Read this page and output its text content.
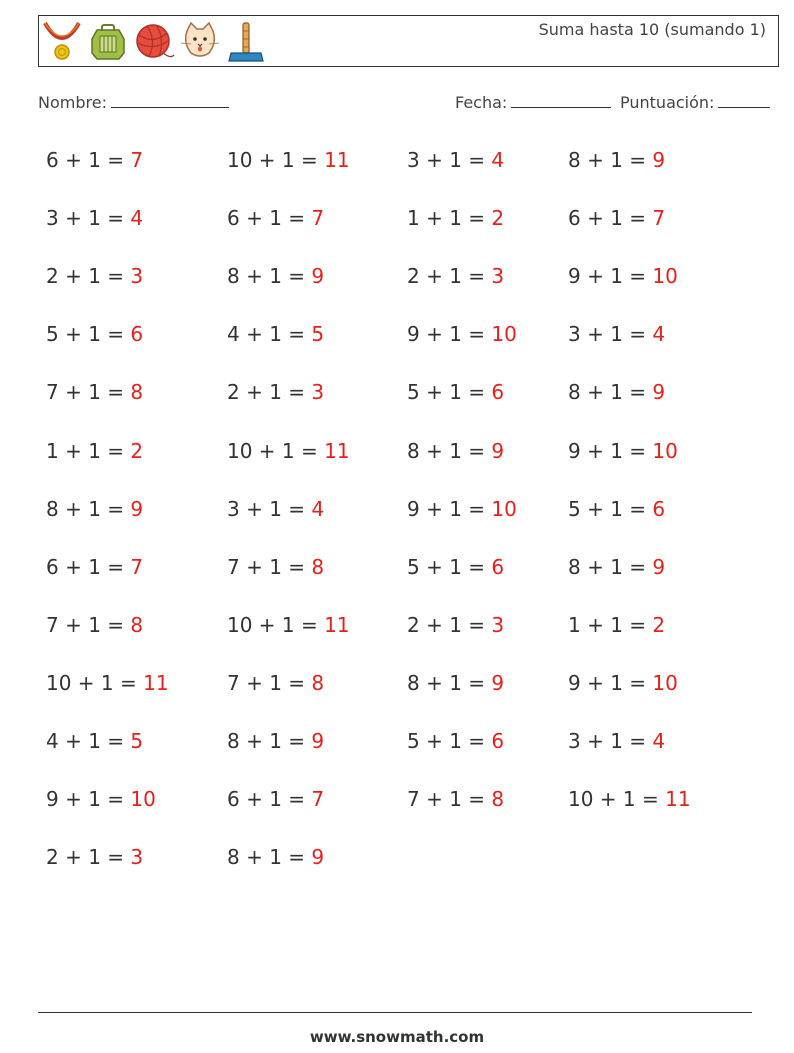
Suma hasta 10 (sumando 1)
Nombre:	Fecha:	Puntuación:
6 + 1 = 7
3 + 1 = 4
2 + 1 = 3
5 + 1 = 6
7 + 1 = 8
1 + 1 = 2
8 + 1 = 9
6 + 1 = 7
7 + 1 = 8
10 + 1 = 11
4 + 1 = 5
9 + 1 = 10
2 + 1 = 3
10 + 1 = 11
6 + 1 = 7
8 + 1 = 9
4 + 1 = 5
2 + 1 = 3
10 + 1 = 11
3 + 1 = 4
7 + 1 = 8
10 + 1 = 11
7 + 1 = 8
8 + 1 = 9
6 + 1 = 7
8 + 1 = 9
3 + 1 = 4
1 + 1 = 2
2 + 1 = 3
9 + 1 = 10
5 + 1 = 6
8 + 1 = 9
9 + 1 = 10
5 + 1 = 6
2 + 1 = 3
8 + 1 = 9
5 + 1 = 6
7 + 1 = 8
8 + 1 = 9
6 + 1 = 7
9 + 1 = 10
3 + 1 = 4
8 + 1 = 9
9 + 1 = 10
5 + 1 = 6
8 + 1 = 9
1 + 1 = 2
9 + 1 = 10
3 + 1 = 4
10 + 1 = 11
www.snowmath.com
